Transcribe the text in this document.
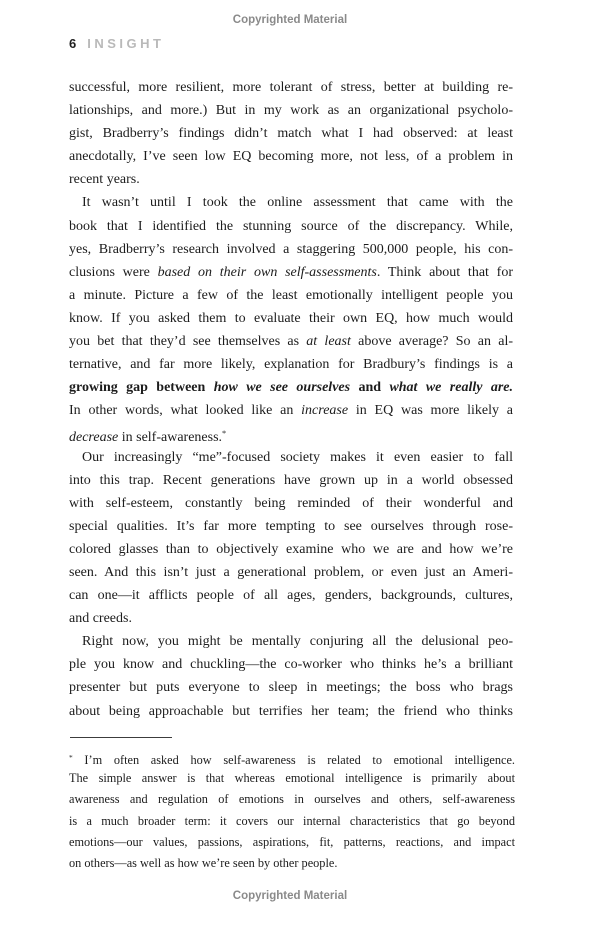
Copyrighted Material
6 INSIGHT
successful, more resilient, more tolerant of stress, better at building re-
lationships, and more.) But in my work as an organizational psycholo-
gist, Bradberry’s findings didn’t match what I had observed: at least
anecdotally, I’ve seen low EQ becoming more, not less, of a problem in
recent years.
It wasn’t until I took the online assessment that came with the
book that I identified the stunning source of the discrepancy. While,
yes, Bradberry’s research involved a staggering 500,000 people, his con-
clusions were based on their own self-assessments. Think about that for
a minute. Picture a few of the least emotionally intelligent people you
know. If you asked them to evaluate their own EQ, how much would
you bet that they’d see themselves as at least above average? So an al-
ternative, and far more likely, explanation for Bradbury’s findings is a
growing gap between how we see ourselves and what we really are.
In other words, what looked like an increase in EQ was more likely a
decrease in self-awareness.*
Our increasingly “me”-focused society makes it even easier to fall
into this trap. Recent generations have grown up in a world obsessed
with self-esteem, constantly being reminded of their wonderful and
special qualities. It’s far more tempting to see ourselves through rose-
colored glasses than to objectively examine who we are and how we’re
seen. And this isn’t just a generational problem, or even just an Ameri-
can one—it afflicts people of all ages, genders, backgrounds, cultures,
and creeds.
Right now, you might be mentally conjuring all the delusional peo-
ple you know and chuckling—the co-worker who thinks he’s a brilliant
presenter but puts everyone to sleep in meetings; the boss who brags
about being approachable but terrifies her team; the friend who thinks
* I’m often asked how self-awareness is related to emotional intelligence.
The simple answer is that whereas emotional intelligence is primarily about
awareness and regulation of emotions in ourselves and others, self-awareness
is a much broader term: it covers our internal characteristics that go beyond
emotions—our values, passions, aspirations, fit, patterns, reactions, and impact
on others—as well as how we’re seen by other people.
Copyrighted Material
